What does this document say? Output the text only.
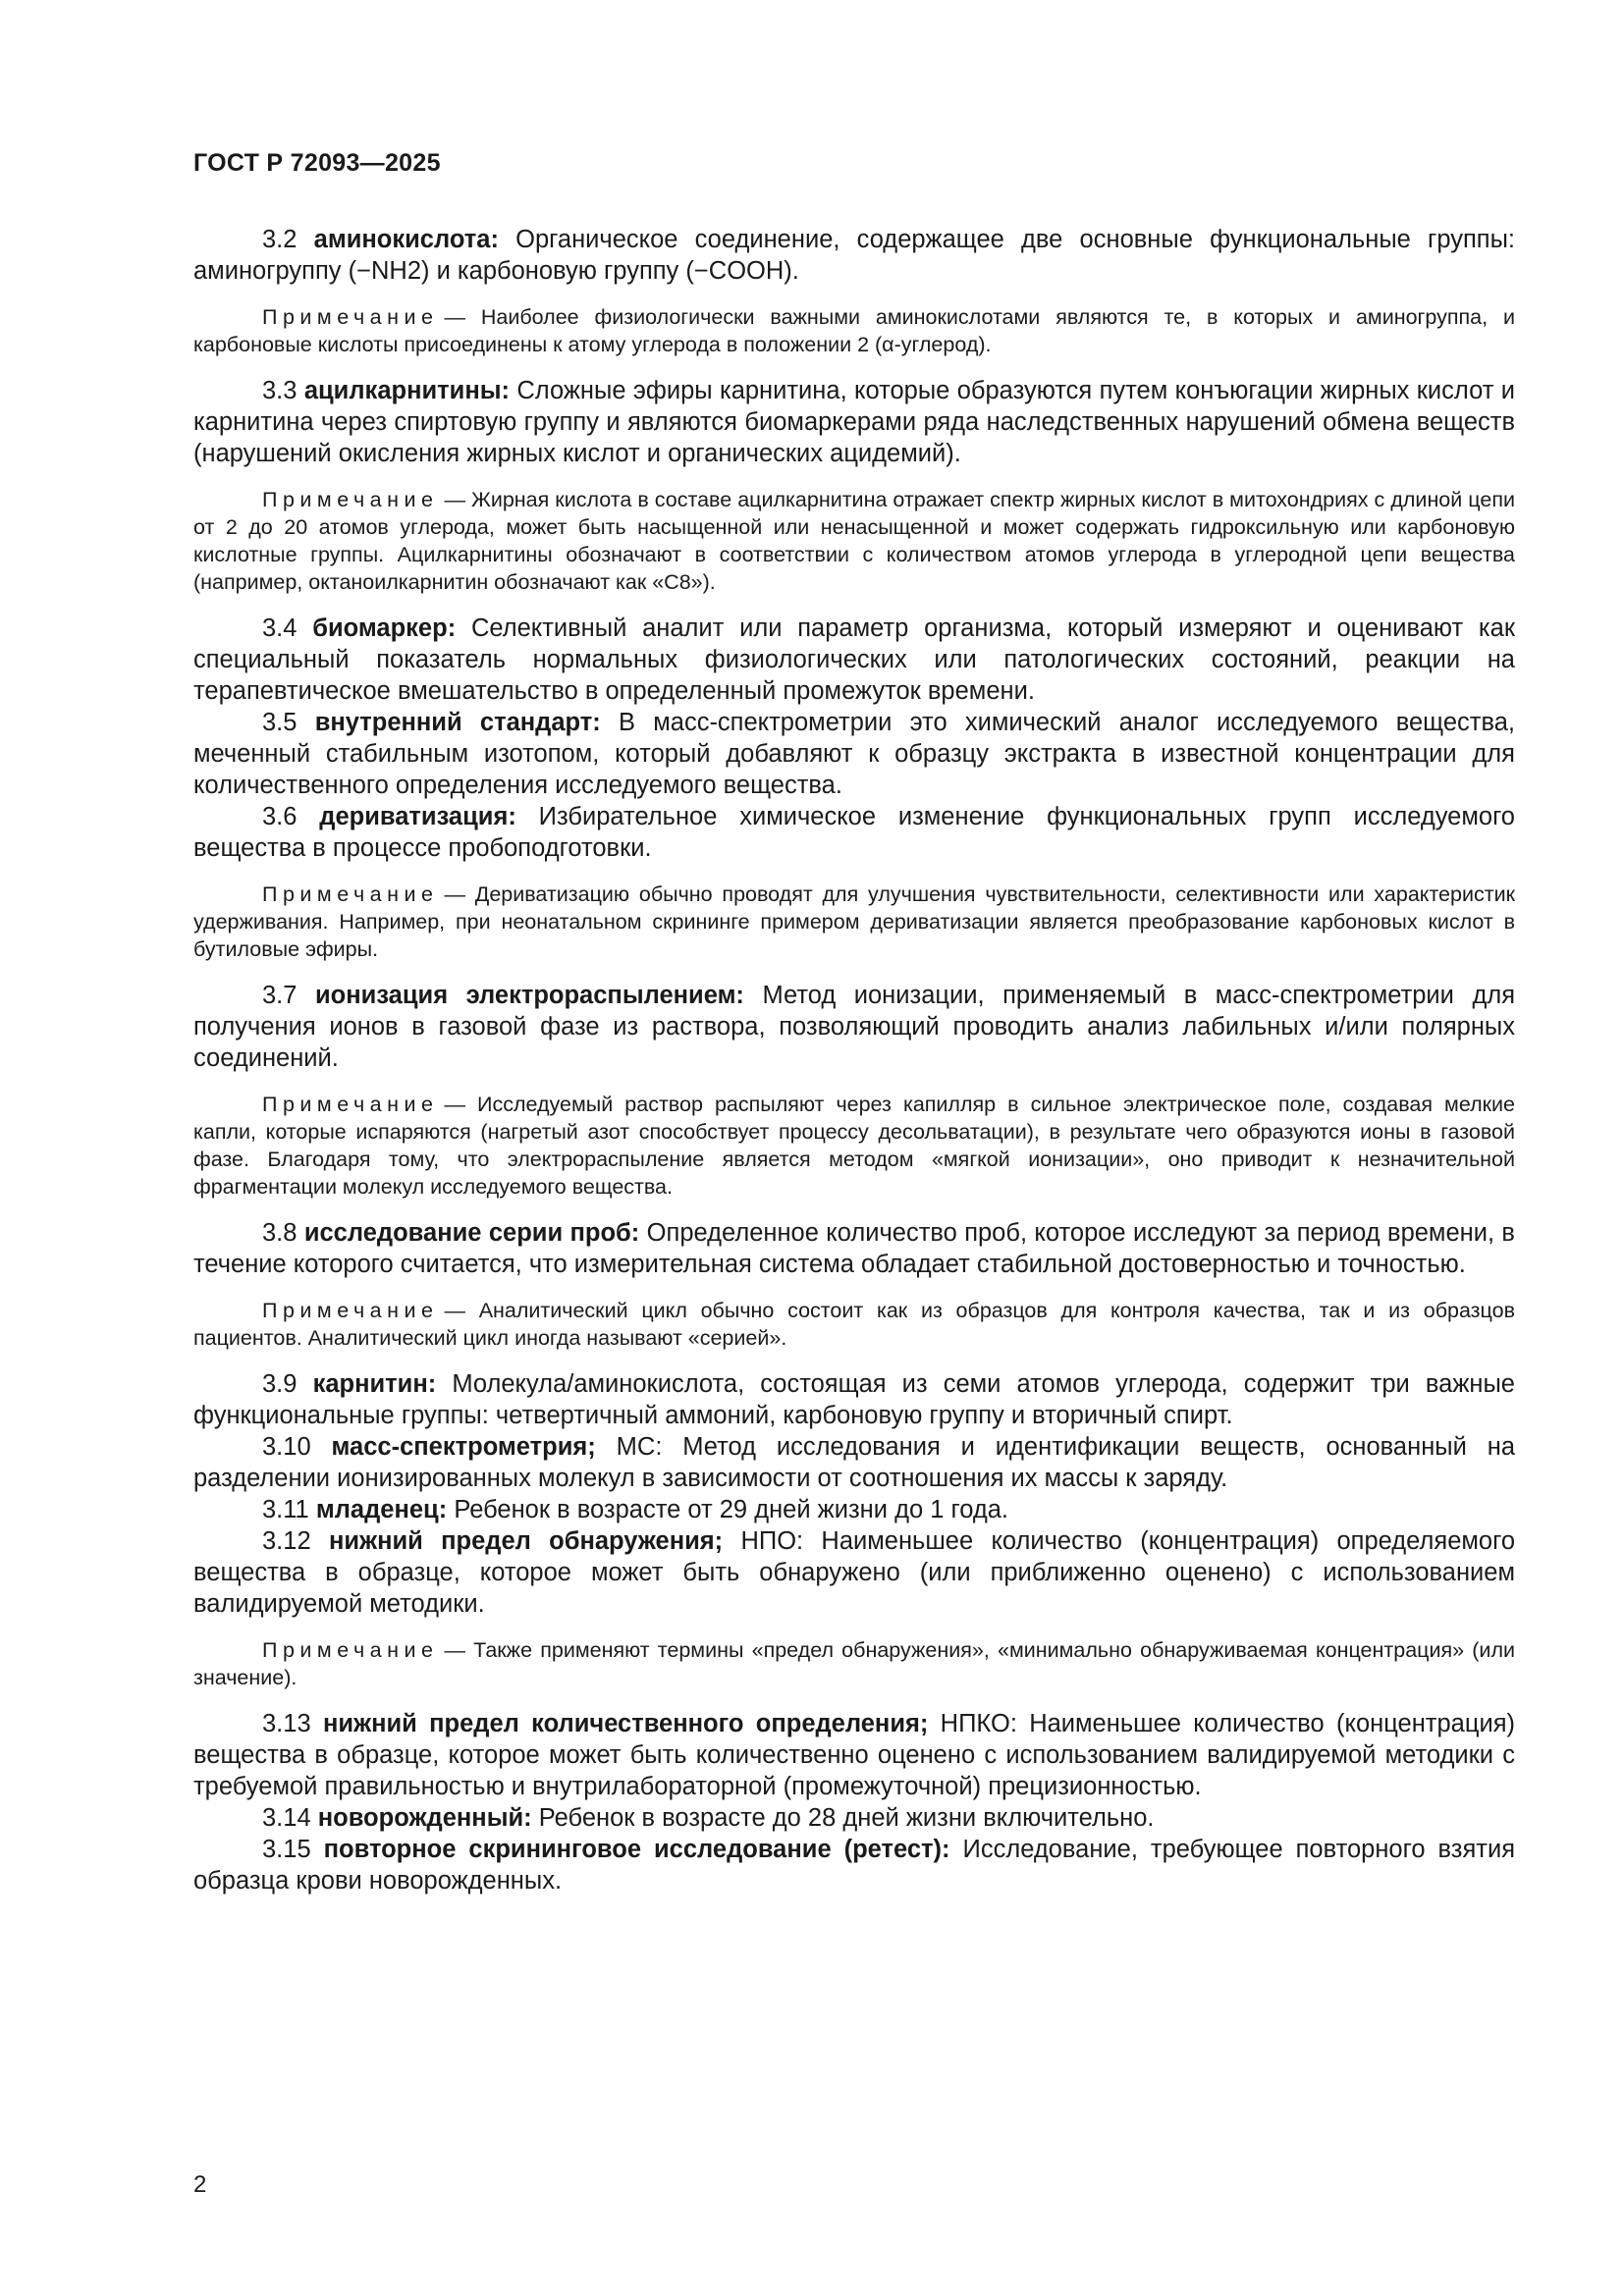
ГОСТ Р 72093—2025

3.2 аминокислота: Органическое соединение, содержащее две основные функциональные группы: аминогруппу (−NH2) и карбоновую группу (−COOH).

Примечание — Наиболее физиологически важными аминокислотами являются те, в которых и аминогруппа, и карбоновые кислоты присоединены к атому углерода в положении 2 (α-углерод).

3.3 ацилкарнитины: Сложные эфиры карнитина, которые образуются путем конъюгации жирных кислот и карнитина через спиртовую группу и являются биомаркерами ряда наследственных нарушений обмена веществ (нарушений окисления жирных кислот и органических ацидемий).

Примечание — Жирная кислота в составе ацилкарнитина отражает спектр жирных кислот в митохондриях с длиной цепи от 2 до 20 атомов углерода, может быть насыщенной или ненасыщенной и может содержать гидроксильную или карбоновую кислотные группы. Ацилкарнитины обозначают в соответствии с количеством атомов углерода в углеродной цепи вещества (например, октаноилкарнитин обозначают как «С8»).

3.4 биомаркер: Селективный аналит или параметр организма, который измеряют и оценивают как специальный показатель нормальных физиологических или патологических состояний, реакции на терапевтическое вмешательство в определенный промежуток времени.

3.5 внутренний стандарт: В масс-спектрометрии это химический аналог исследуемого вещества, меченный стабильным изотопом, который добавляют к образцу экстракта в известной концентрации для количественного определения исследуемого вещества.

3.6 дериватизация: Избирательное химическое изменение функциональных групп исследуемого вещества в процессе пробоподготовки.

Примечание — Дериватизацию обычно проводят для улучшения чувствительности, селективности или характеристик удерживания. Например, при неонатальном скрининге примером дериватизации является преобразование карбоновых кислот в бутиловые эфиры.

3.7 ионизация электрораспылением: Метод ионизации, применяемый в масс-спектрометрии для получения ионов в газовой фазе из раствора, позволяющий проводить анализ лабильных и/или полярных соединений.

Примечание — Исследуемый раствор распыляют через капилляр в сильное электрическое поле, создавая мелкие капли, которые испаряются (нагретый азот способствует процессу десольватации), в результате чего образуются ионы в газовой фазе. Благодаря тому, что электрораспыление является методом «мягкой ионизации», оно приводит к незначительной фрагментации молекул исследуемого вещества.

3.8 исследование серии проб: Определенное количество проб, которое исследуют за период времени, в течение которого считается, что измерительная система обладает стабильной достоверностью и точностью.

Примечание — Аналитический цикл обычно состоит как из образцов для контроля качества, так и из образцов пациентов. Аналитический цикл иногда называют «серией».

3.9 карнитин: Молекула/аминокислота, состоящая из семи атомов углерода, содержит три важные функциональные группы: четвертичный аммоний, карбоновую группу и вторичный спирт.

3.10 масс-спектрометрия; МС: Метод исследования и идентификации веществ, основанный на разделении ионизированных молекул в зависимости от соотношения их массы к заряду.

3.11 младенец: Ребенок в возрасте от 29 дней жизни до 1 года.

3.12 нижний предел обнаружения; НПО: Наименьшее количество (концентрация) определяемого вещества в образце, которое может быть обнаружено (или приближенно оценено) с использованием валидируемой методики.

Примечание — Также применяют термины «предел обнаружения», «минимально обнаруживаемая концентрация» (или значение).

3.13 нижний предел количественного определения; НПКО: Наименьшее количество (концентрация) вещества в образце, которое может быть количественно оценено с использованием валидируемой методики с требуемой правильностью и внутрилабораторной (промежуточной) прецизионностью.

3.14 новорожденный: Ребенок в возрасте до 28 дней жизни включительно.

3.15 повторное скрининговое исследование (ретест): Исследование, требующее повторного взятия образца крови новорожденных.

2
